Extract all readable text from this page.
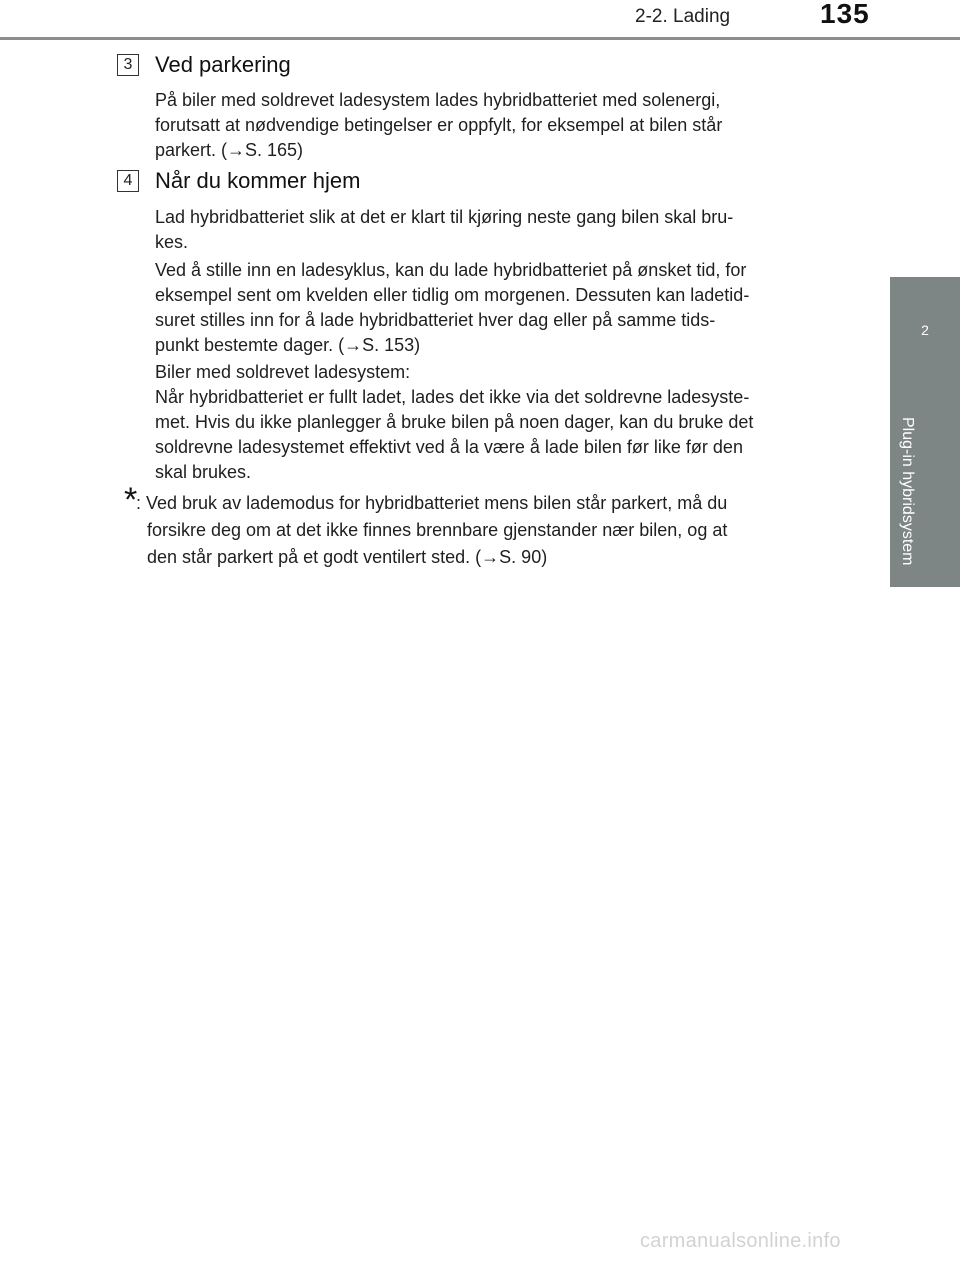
2-2. Lading	135
2
Plug-in hybridsystem
3 Ved parkering

På biler med soldrevet ladesystem lades hybridbatteriet med solenergi,
forutsatt at nødvendige betingelser er oppfylt, for eksempel at bilen står
parkert. (→S. 165)

4 Når du kommer hjem

Lad hybridbatteriet slik at det er klart til kjøring neste gang bilen skal bru-
kes.

Ved å stille inn en ladesyklus, kan du lade hybridbatteriet på ønsket tid, for
eksempel sent om kvelden eller tidlig om morgenen. Dessuten kan ladetid-
suret stilles inn for å lade hybridbatteriet hver dag eller på samme tids-
punkt bestemte dager. (→S. 153)

Biler med soldrevet ladesystem:
Når hybridbatteriet er fullt ladet, lades det ikke via det soldrevne ladesyste-
met. Hvis du ikke planlegger å bruke bilen på noen dager, kan du bruke det
soldrevne ladesystemet effektivt ved å la være å lade bilen før like før den
skal brukes.

*
: Ved bruk av lademodus for hybridbatteriet mens bilen står parkert, må du
forsikre deg om at det ikke finnes brennbare gjenstander nær bilen, og at
den står parkert på et godt ventilert sted. (→S. 90)
carmanualsonline.info
